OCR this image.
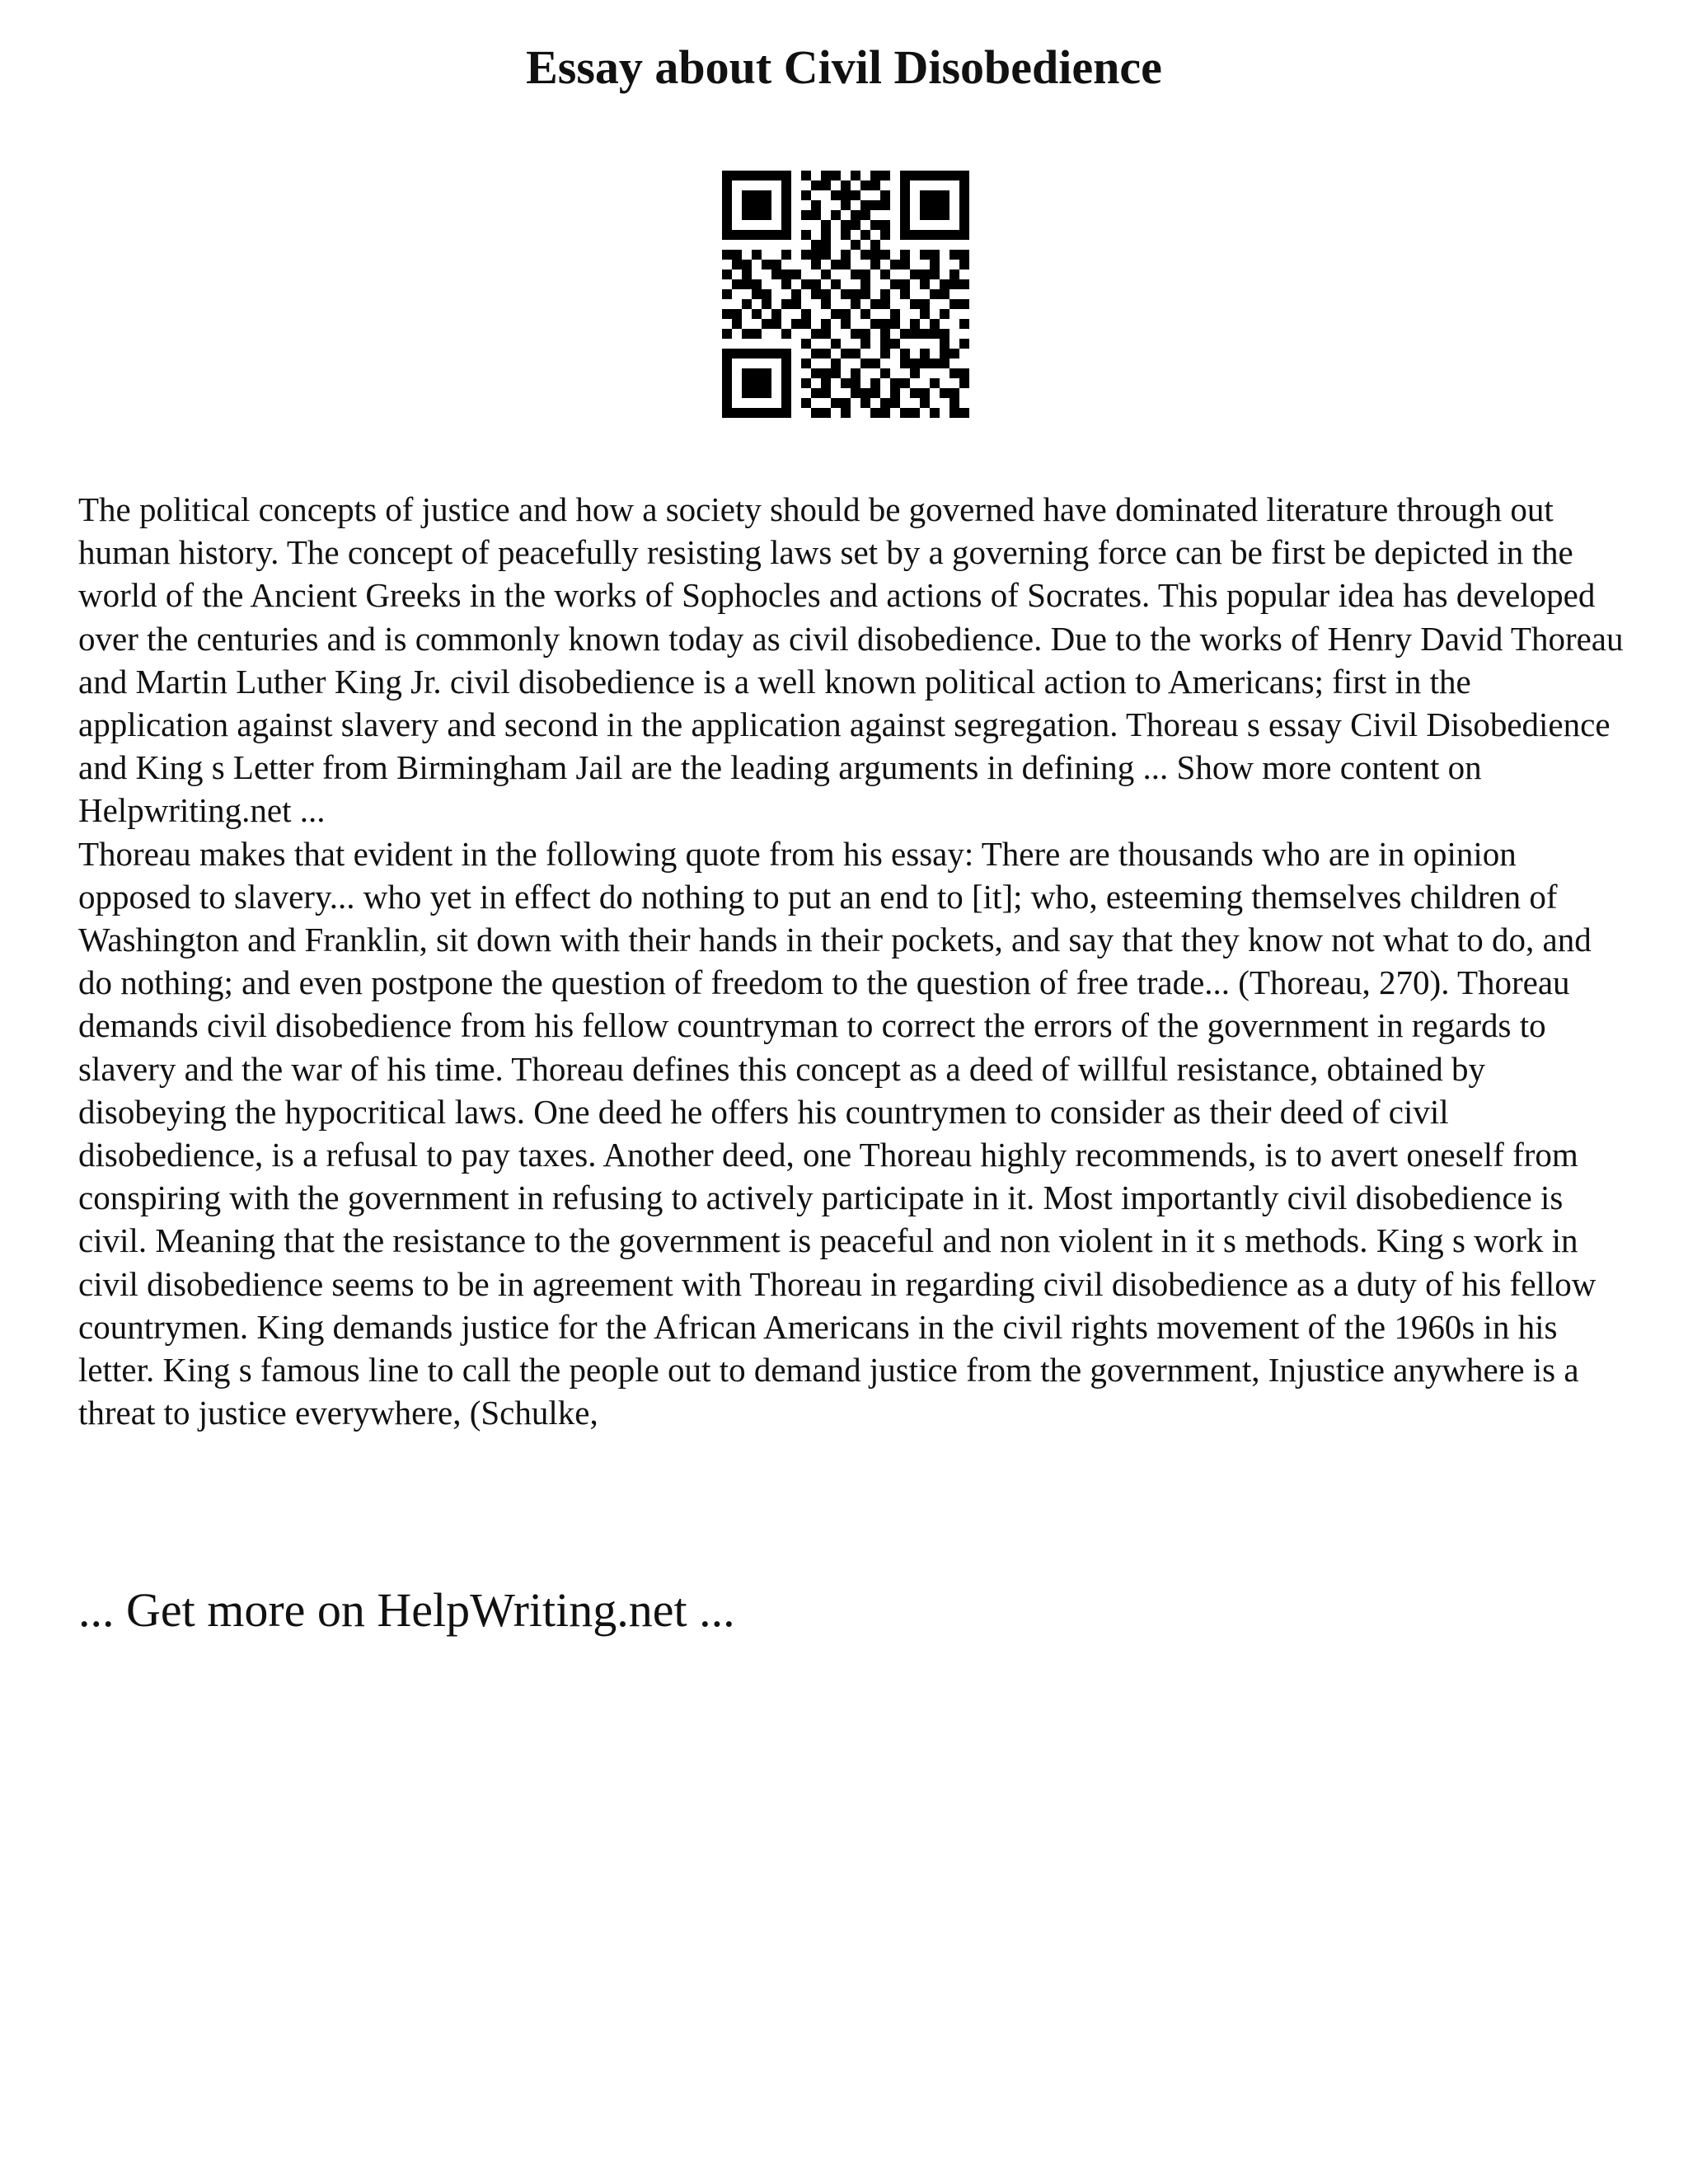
Essay about Civil Disobedience

The political concepts of justice and how a society should be governed have dominated literature through out human history. The concept of peacefully resisting laws set by a governing force can be first be depicted in the world of the Ancient Greeks in the works of Sophocles and actions of Socrates. This popular idea has developed over the centuries and is commonly known today as civil disobedience. Due to the works of Henry David Thoreau and Martin Luther King Jr. civil disobedience is a well known political action to Americans; first in the application against slavery and second in the application against segregation. Thoreau s essay Civil Disobedience and King s Letter from Birmingham Jail are the leading arguments in defining ... Show more content on Helpwriting.net ...

Thoreau makes that evident in the following quote from his essay: There are thousands who are in opinion opposed to slavery... who yet in effect do nothing to put an end to [it]; who, esteeming themselves children of Washington and Franklin, sit down with their hands in their pockets, and say that they know not what to do, and do nothing; and even postpone the question of freedom to the question of free trade... (Thoreau, 270). Thoreau demands civil disobedience from his fellow countryman to correct the errors of the government in regards to slavery and the war of his time. Thoreau defines this concept as a deed of willful resistance, obtained by disobeying the hypocritical laws. One deed he offers his countrymen to consider as their deed of civil disobedience, is a refusal to pay taxes. Another deed, one Thoreau highly recommends, is to avert oneself from conspiring with the government in refusing to actively participate in it. Most importantly civil disobedience is civil. Meaning that the resistance to the government is peaceful and non violent in it s methods. King s work in civil disobedience seems to be in agreement with Thoreau in regarding civil disobedience as a duty of his fellow countrymen. King demands justice for the African Americans in the civil rights movement of the 1960s in his letter. King s famous line to call the people out to demand justice from the government, Injustice anywhere is a threat to justice everywhere, (Schulke,

... Get more on HelpWriting.net ...
